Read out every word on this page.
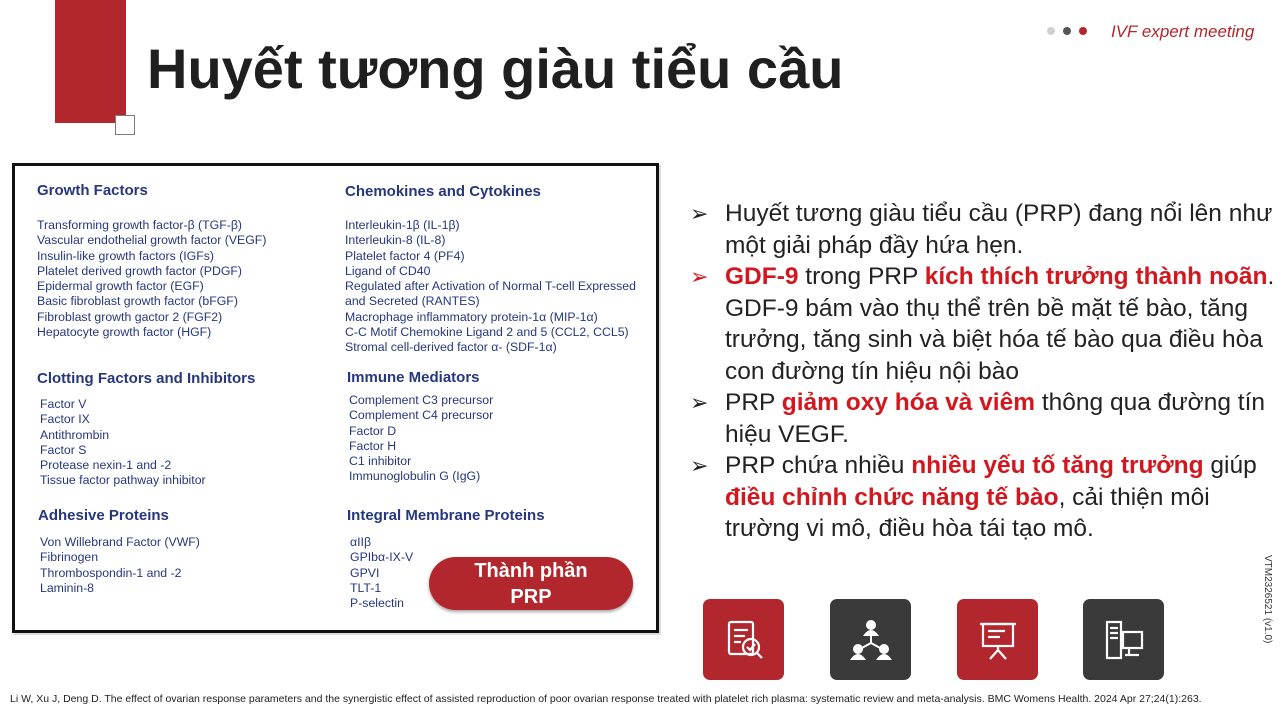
Huyết tương giàu tiểu cầu
IVF expert meeting
Growth Factors
Transforming growth factor-β (TGF-β)
Vascular endothelial growth factor (VEGF)
Insulin-like growth factors (IGFs)
Platelet derived growth factor (PDGF)
Epidermal growth factor (EGF)
Basic fibroblast growth factor (bFGF)
Fibroblast growth gactor 2 (FGF2)
Hepatocyte growth factor (HGF)
Chemokines and Cytokines
Interleukin-1β (IL-1β)
Interleukin-8 (IL-8)
Platelet factor 4 (PF4)
Ligand of CD40
Regulated after Activation of Normal T-cell Expressed
and Secreted (RANTES)
Macrophage inflammatory protein-1α (MIP-1α)
C-C Motif Chemokine Ligand 2 and 5 (CCL2, CCL5)
Stromal cell-derived factor α- (SDF-1α)
Clotting Factors and Inhibitors
Factor V
Factor IX
Antithrombin
Factor S
Protease nexin-1 and -2
Tissue factor pathway inhibitor
Immune Mediators
Complement C3 precursor
Complement C4 precursor
Factor D
Factor H
C1 inhibitor
Immunoglobulin G (IgG)
Adhesive Proteins
Von Willebrand Factor (VWF)
Fibrinogen
Thrombospondin-1 and -2
Laminin-8
Integral Membrane Proteins
αIIβ
GPIbα-IX-V
GPVI
TLT-1
P-selectin
Thành phần
PRP

➢ Huyết tương giàu tiểu cầu (PRP) đang nổi lên như một giải pháp đầy hứa hẹn.

➢ GDF-9 trong PRP kích thích trưởng thành noãn. GDF-9 bám vào thụ thể trên bề mặt tế bào, tăng trưởng, tăng sinh và biệt hóa tế bào qua điều hòa con đường tín hiệu nội bào

➢ PRP giảm oxy hóa và viêm thông qua đường tín hiệu VEGF.

➢ PRP chứa nhiều nhiều yếu tố tăng trưởng giúp điều chỉnh chức năng tế bào, cải thiện môi trường vi mô, điều hòa tái tạo mô.

VTM2326521 (v1.0)
Li W, Xu J, Deng D. The effect of ovarian response parameters and the synergistic effect of assisted reproduction of poor ovarian response treated with platelet rich plasma: systematic review and meta-analysis. BMC Womens Health. 2024 Apr 27;24(1):263.
